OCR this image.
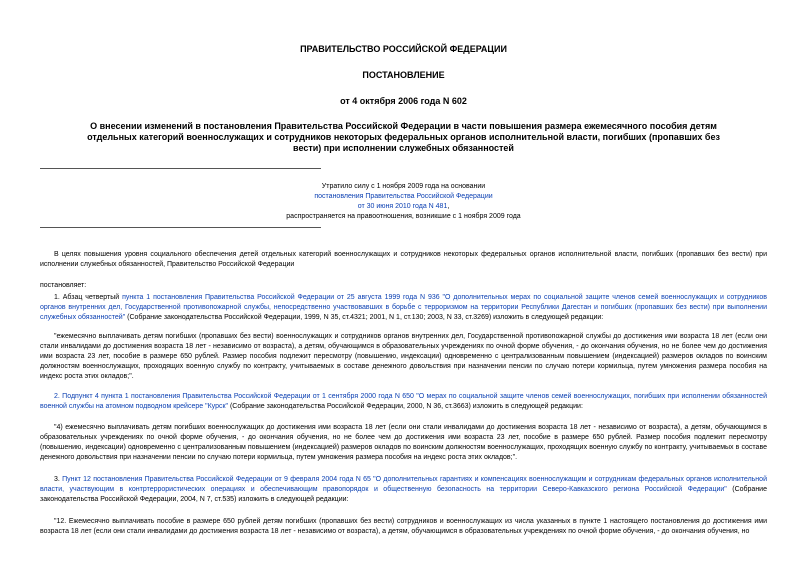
ПРАВИТЕЛЬСТВО РОССИЙСКОЙ ФЕДЕРАЦИИ
ПОСТАНОВЛЕНИЕ
от 4 октября 2006 года N 602
О внесении изменений в постановления Правительства Российской Федерации в части повышения размера ежемесячного пособия детям отдельных категорий военнослужащих и сотрудников некоторых федеральных органов исполнительной власти, погибших (пропавших без вести) при исполнении служебных обязанностей
Утратило силу с 1 ноября 2009 года на основании
постановления Правительства Российской Федерации
от 30 июня 2010 года N 481,
распространяется на правоотношения, возникшие с 1 ноября 2009 года
В целях повышения уровня социального обеспечения детей отдельных категорий военнослужащих и сотрудников некоторых федеральных органов исполнительной власти, погибших (пропавших без вести) при исполнении служебных обязанностей, Правительство Российской Федерации
постановляет:
1. Абзац четвертый пункта 1 постановления Правительства Российской Федерации от 25 августа 1999 года N 936 "О дополнительных мерах по социальной защите членов семей военнослужащих и сотрудников органов внутренних дел, Государственной противопожарной службы, непосредственно участвовавших в борьбе с терроризмом на территории Республики Дагестан и погибших (пропавших без вести) при выполнении служебных обязанностей" (Собрание законодательства Российской Федерации, 1999, N 35, ст.4321; 2001, N 1, ст.130; 2003, N 33, ст.3269) изложить в следующей редакции:
"ежемесячно выплачивать детям погибших (пропавших без вести) военнослужащих и сотрудников органов внутренних дел, Государственной противопожарной службы до достижения ими возраста 18 лет (если они стали инвалидами до достижения возраста 18 лет - независимо от возраста), а детям, обучающимся в образовательных учреждениях по очной форме обучения, - до окончания обучения, но не более чем до достижения ими возраста 23 лет, пособие в размере 650 рублей. Размер пособия подлежит пересмотру (повышению, индексации) одновременно с централизованным повышением (индексацией) размеров окладов по воинским должностям военнослужащих, проходящих военную службу по контракту, учитываемых в составе денежного довольствия при назначении пенсии по случаю потери кормильца, путем умножения размера пособия на индекс роста этих окладов;".
2. Подпункт 4 пункта 1 постановления Правительства Российской Федерации от 1 сентября 2000 года N 650 "О мерах по социальной защите членов семей военнослужащих, погибших при исполнении обязанностей военной службы на атомном подводном крейсере "Курск" (Собрание законодательства Российской Федерации, 2000, N 36, ст.3663) изложить в следующей редакции:
"4) ежемесячно выплачивать детям погибших военнослужащих до достижения ими возраста 18 лет (если они стали инвалидами до достижения возраста 18 лет - независимо от возраста), а детям, обучающимся в образовательных учреждениях по очной форме обучения, - до окончания обучения, но не более чем до достижения ими возраста 23 лет, пособие в размере 650 рублей. Размер пособия подлежит пересмотру (повышению, индексации) одновременно с централизованным повышением (индексацией) размеров окладов по воинским должностям военнослужащих, проходящих военную службу по контракту, учитываемых в составе денежного довольствия при назначении пенсии по случаю потери кормильца, путем умножения размера пособия на индекс роста этих окладов;".
3. Пункт 12 постановления Правительства Российской Федерации от 9 февраля 2004 года N 65 "О дополнительных гарантиях и компенсациях военнослужащим и сотрудникам федеральных органов исполнительной власти, участвующим в контртеррористических операциях и обеспечивающим правопорядок и общественную безопасность на территории Северо-Кавказского региона Российской Федерации" (Собрание законодательства Российской Федерации, 2004, N 7, ст.535) изложить в следующей редакции:
"12. Ежемесячно выплачивать пособие в размере 650 рублей детям погибших (пропавших без вести) сотрудников и военнослужащих из числа указанных в пункте 1 настоящего постановления до достижения ими возраста 18 лет (если они стали инвалидами до достижения возраста 18 лет - независимо от возраста), а детям, обучающимся в образовательных учреждениях по очной форме обучения, - до окончания обучения, но
